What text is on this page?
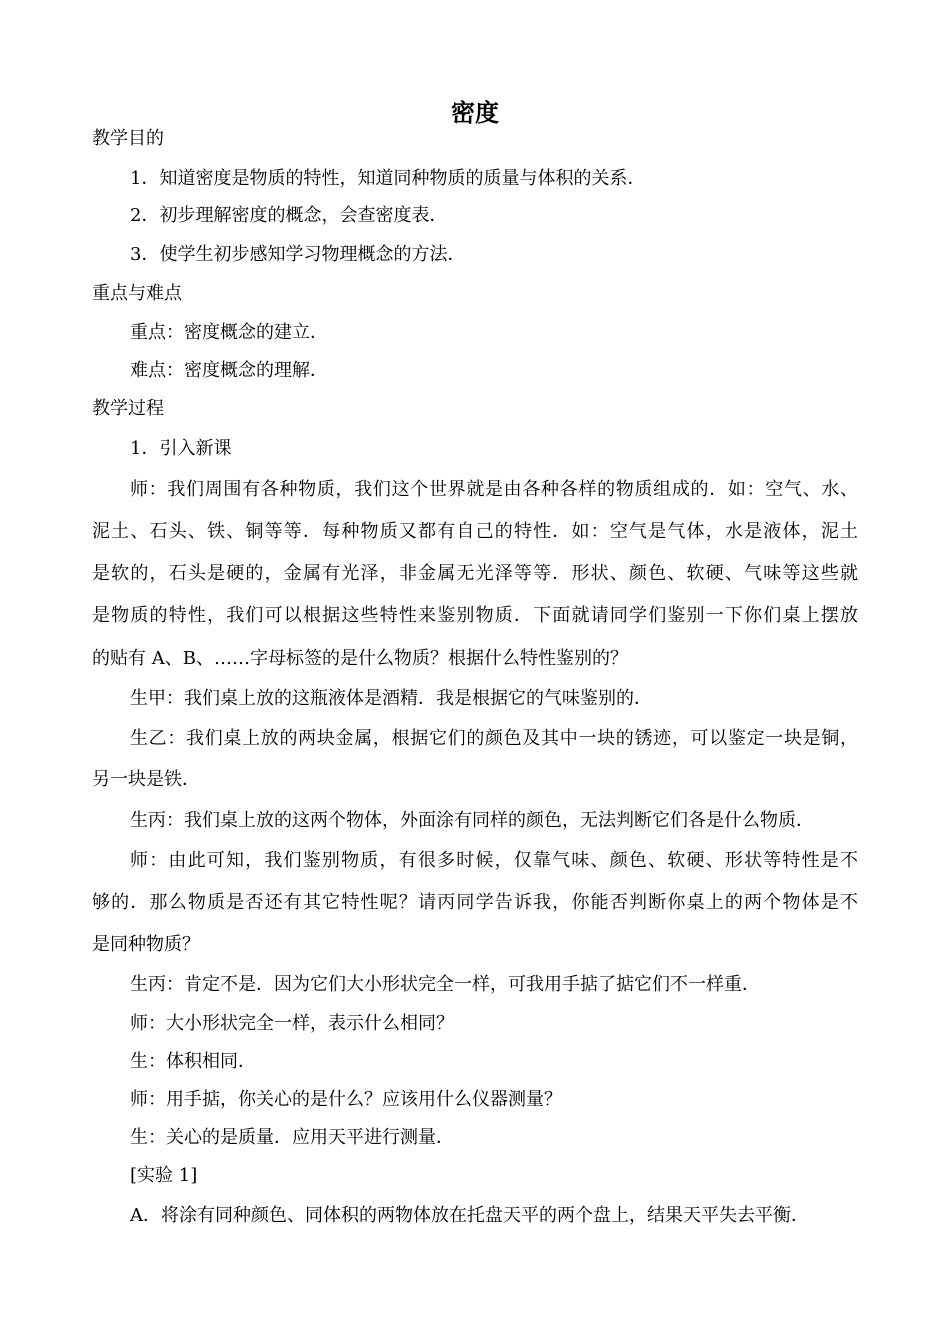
密度
教学目的
1．知道密度是物质的特性，知道同种物质的质量与体积的关系．
2．初步理解密度的概念，会查密度表．
3．使学生初步感知学习物理概念的方法．
重点与难点
重点：密度概念的建立．
难点：密度概念的理解．
教学过程
1．引入新课
师：我们周围有各种物质，我们这个世界就是由各种各样的物质组成的．如：空气、水、
泥土、石头、铁、铜等等．每种物质又都有自己的特性．如：空气是气体，水是液体，泥土
是软的，石头是硬的，金属有光泽，非金属无光泽等等．形状、颜色、软硬、气味等这些就
是物质的特性，我们可以根据这些特性来鉴别物质．下面就请同学们鉴别一下你们桌上摆放
的贴有 A、B、……字母标签的是什么物质？根据什么特性鉴别的？
生甲：我们桌上放的这瓶液体是酒精．我是根据它的气味鉴别的．
生乙：我们桌上放的两块金属，根据它们的颜色及其中一块的锈迹，可以鉴定一块是铜，
另一块是铁．
生丙：我们桌上放的这两个物体，外面涂有同样的颜色，无法判断它们各是什么物质．
师：由此可知，我们鉴别物质，有很多时候，仅靠气味、颜色、软硬、形状等特性是不
够的．那么物质是否还有其它特性呢？请丙同学告诉我，你能否判断你桌上的两个物体是不
是同种物质？
生丙：肯定不是．因为它们大小形状完全一样，可我用手掂了掂它们不一样重．
师：大小形状完全一样，表示什么相同？
生：体积相同．
师：用手掂，你关心的是什么？应该用什么仪器测量？
生：关心的是质量．应用天平进行测量．
[实验 1]
A．将涂有同种颜色、同体积的两物体放在托盘天平的两个盘上，结果天平失去平衡．
